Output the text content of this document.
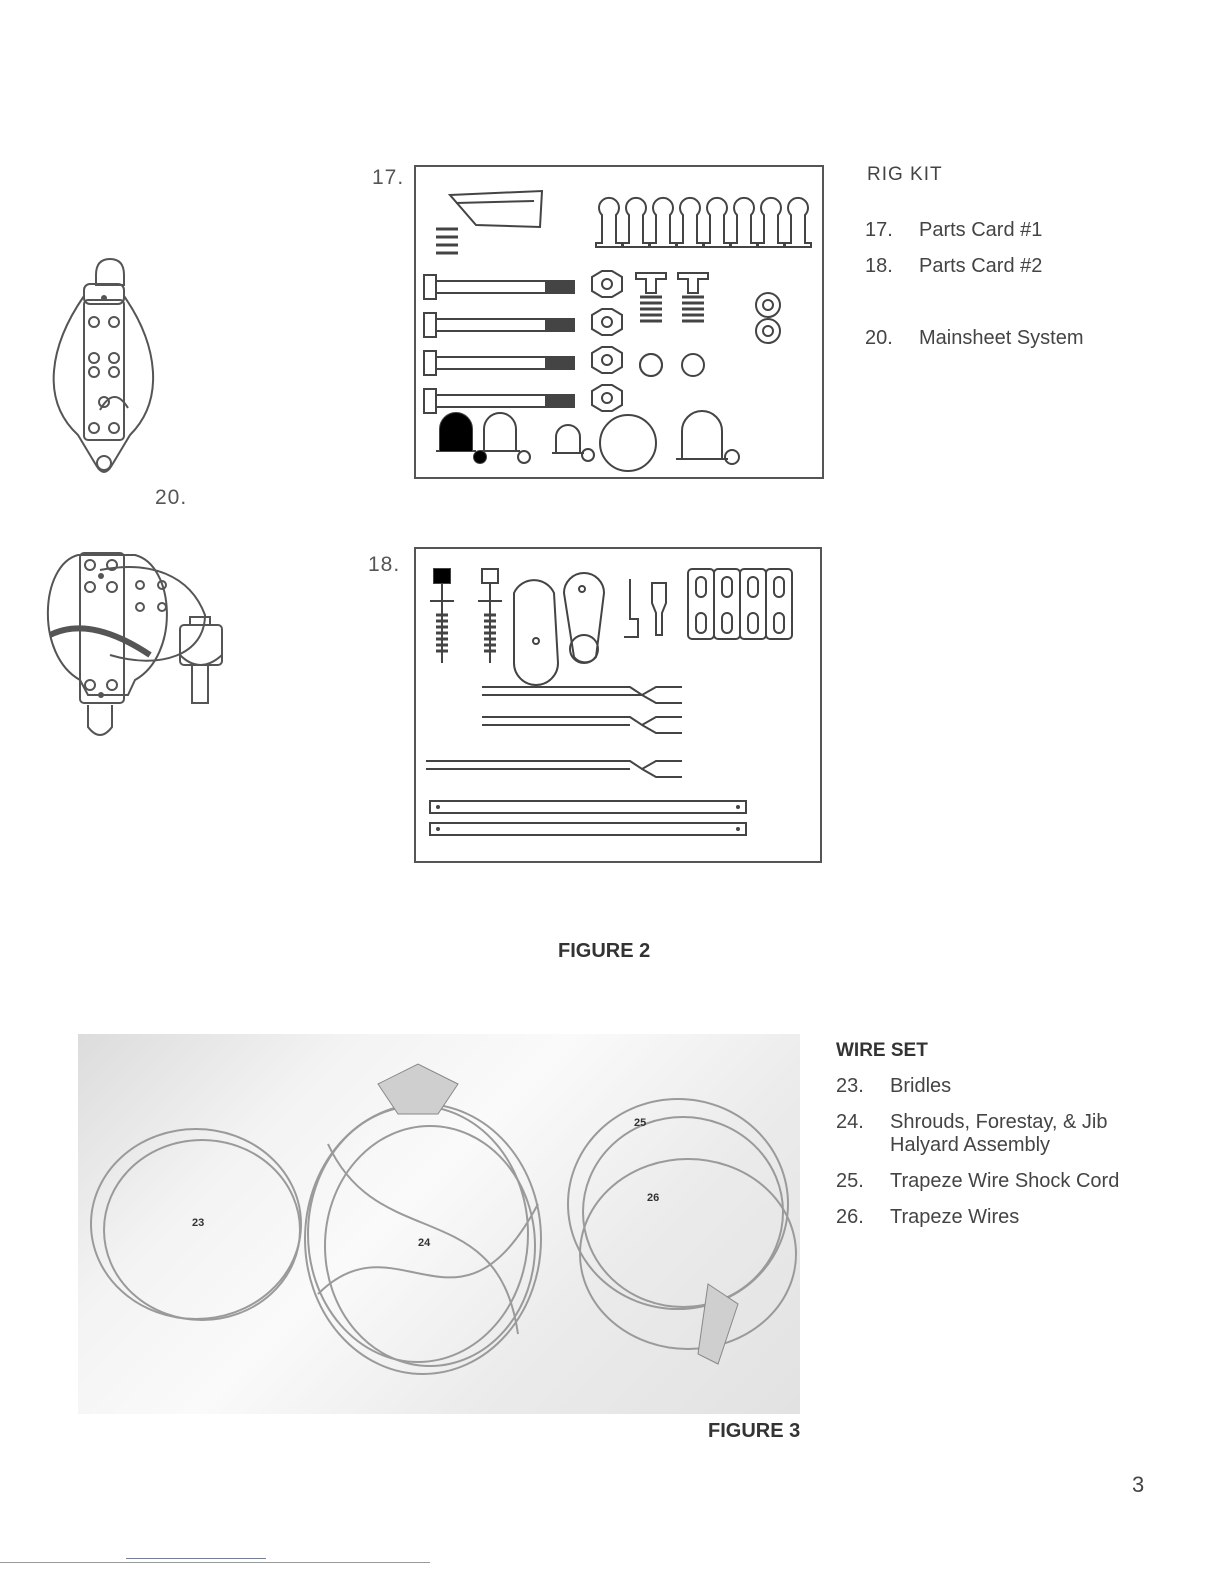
20.
17.
18.
RIG KIT
17.	Parts Card #1
18.	Parts Card #2
20.	Mainsheet System
FIGURE 2
23
24
25
26
WIRE SET
23.	Bridles
24.	Shrouds, Forestay, & Jib
Halyard Assembly
25.	Trapeze Wire Shock Cord
26.	Trapeze Wires
FIGURE 3
3
